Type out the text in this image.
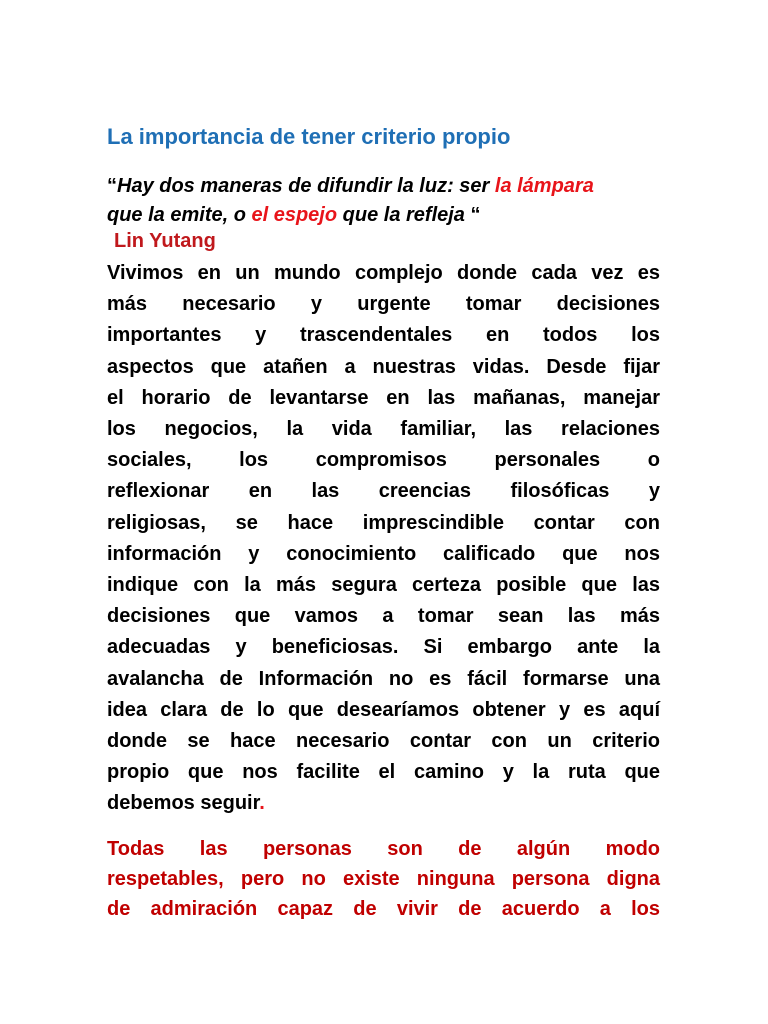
La importancia de tener criterio propio

“Hay dos maneras de difundir la luz: ser la lámpara
que la emite, o el espejo que la refleja “

Lin Yutang

Vivimos en un mundo complejo donde cada vez es
más necesario y urgente tomar decisiones
importantes y trascendentales en todos los
aspectos que atañen a nuestras vidas. Desde fijar
el horario de levantarse en las mañanas, manejar
los negocios, la vida familiar, las relaciones
sociales, los compromisos personales o
reflexionar en las creencias filosóficas y
religiosas, se hace imprescindible contar con
información y conocimiento calificado que nos
indique con la más segura certeza posible que las
decisiones que vamos a tomar sean las más
adecuadas y beneficiosas. Si embargo ante la
avalancha de Información no es fácil formarse una
idea clara de lo que desearíamos obtener y es aquí
donde se hace necesario contar con un criterio
propio que nos facilite el camino y la ruta que
debemos seguir.
Todas las personas son de algún modo
respetables, pero no existe ninguna persona digna
de admiración capaz de vivir de acuerdo a los
